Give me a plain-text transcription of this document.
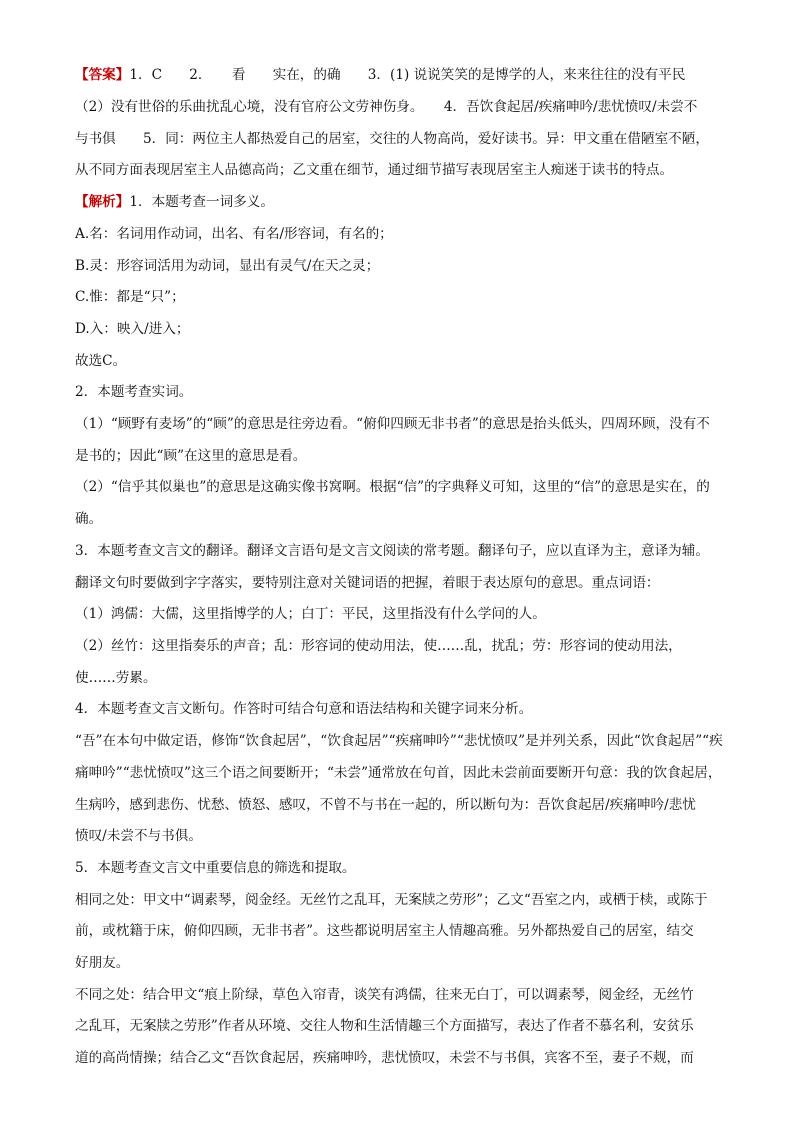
【答案】1．C　　2．　　看　　实在，的确　　3．(1) 说说笑笑的是博学的人，来来往往的没有平民
（2）没有世俗的乐曲扰乱心境，没有官府公文劳神伤身。　　4．吾饮食起居/疾痛呻吟/悲忧愤叹/未尝不
与书俱　　5．同：两位主人都热爱自己的居室，交往的人物高尚，爱好读书。异：甲文重在借陋室不陋，
从不同方面表现居室主人品德高尚；乙文重在细节，通过细节描写表现居室主人痴迷于读书的特点。
【解析】1．本题考查一词多义。
A.名：名词用作动词，出名、有名/形容词，有名的；
B.灵：形容词活用为动词，显出有灵气/在天之灵；
C.惟：都是“只”；
D.入：映入/进入；
故选C。
2．本题考查实词。
（1）“顾野有麦场”的“顾”的意思是往旁边看。“俯仰四顾无非书者”的意思是抬头低头，四周环顾，没有不
是书的；因此“顾”在这里的意思是看。
（2）“信乎其似巢也”的意思是这确实像书窝啊。根据“信”的字典释义可知，这里的“信”的意思是实在，的
确。
3．本题考查文言文的翻译。翻译文言语句是文言文阅读的常考题。翻译句子，应以直译为主，意译为辅。
翻译文句时要做到字字落实，要特别注意对关键词语的把握，着眼于表达原句的意思。重点词语：
（1）鸿儒：大儒，这里指博学的人；白丁：平民，这里指没有什么学问的人。
（2）丝竹：这里指奏乐的声音；乱：形容词的使动用法，使……乱，扰乱；劳：形容词的使动用法，
使……劳累。
4．本题考查文言文断句。作答时可结合句意和语法结构和关键字词来分析。
“吾”在本句中做定语，修饰“饮食起居”，“饮食起居”“疾痛呻吟”“悲忧愤叹”是并列关系，因此“饮食起居”“疾
痛呻吟”“悲忧愤叹”这三个语之间要断开；“未尝”通常放在句首，因此未尝前面要断开句意：我的饮食起居，
生病吟，感到悲伤、忧愁、愤怒、感叹，不曾不与书在一起的，所以断句为：吾饮食起居/疾痛呻吟/悲忧
愤叹/未尝不与书俱。
5．本题考查文言文中重要信息的筛选和提取。
相同之处：甲文中“调素琴，阅金经。无丝竹之乱耳，无案牍之劳形”；乙文“吾室之内，或栖于椟，或陈于
前，或枕籍于床，俯仰四顾，无非书者”。这些都说明居室主人情趣高雅。另外都热爱自己的居室，结交
好朋友。
不同之处：结合甲文“痕上阶绿，草色入帘青，谈笑有鸿儒，往来无白丁，可以调素琴，阅金经，无丝竹
之乱耳，无案牍之劳形”作者从环境、交往人物和生活情趣三个方面描写，表达了作者不慕名利，安贫乐
道的高尚情操；结合乙文“吾饮食起居，疾痛呻吟，悲忧愤叹，未尝不与书俱，宾客不至，妻子不觌，而
